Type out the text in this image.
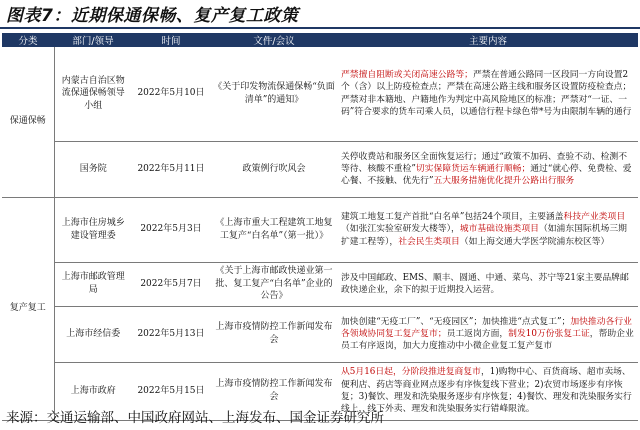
图表7：近期保通保畅、复产复工政策
分类	部门/领导	时间	文件/会议	主要内容
保通保畅	内蒙古自治区物流保通保畅领导小组	2022年5月10日	《关于印发物流保通保畅“负面清单”的通知》	严禁擅自阻断或关闭高速公路等；严禁在普通公路同一区段同一方向设置2个（含）以上防疫检查点；严禁在高速公路主线和服务区设置防疫检查点；严禁对非本籍地、户籍地作为判定中高风险地区的标准；严禁对“一证、一码”符合要求的货车司乘人员，以通信行程卡绿色带*号为由限制车辆的通行
	国务院	2022年5月11日	政策例行吹风会	关停收费站和服务区全面恢复运行；通过“政策不加码、查验不动、检测不等待、核酸不重检”切实保障货运车辆通行顺畅；通过“就心停、免费检、爱心餐、不接触、优先行”五大服务措施优化提升公路出行服务
复产复工	上海市住房城乡建设管理委	2022年5月3日	《上海市重大工程建筑工地复工复产“白名单”（第一批）》	建筑工地复工复产首批“白名单”包括24个项目，主要涵盖科技产业类项目（如张江实验室研发大楼等），城市基础设施类项目（如浦东国际机场三期扩建工程等），社会民生类项目（如上海交通大学医学院浦东校区等）
	上海市邮政管理局	2022年5月7日	《关于上海市邮政快递业第一批、复工复产“白名单”企业的公告》	涉及中国邮政、EMS、顺丰、圆通、中通、菜鸟、苏宁等21家主要品牌邮政快递企业，余下的拟于近期投入运营。
	上海市经信委	2022年5月13日	上海市疫情防控工作新闻发布会	加快创建“无疫工厂”、“无疫园区”；加快推进“点式复工”；加快推动各行业各领域协同复工复产复市；员工返岗方面，制发10万份张复工证，帮助企业员工有序返岗，加大力度推动中小微企业复工复产复市
	上海市政府	2022年5月15日	上海市疫情防控工作新闻发布会	从5月16日起，分阶段推进复商复市，1)购物中心、百货商场、超市卖场、便利店、药店等商业网点逐步有序恢复线下营业；2)农贸市场逐步有序恢复；3)餐饮、理发和洗染服务逐步有序恢复；4)餐饮、理发和洗染服务实行线上，线下外卖、理发和洗染服务实行错峰限流。
来源：交通运输部、中国政府网站、上海发布、国金证券研究所
